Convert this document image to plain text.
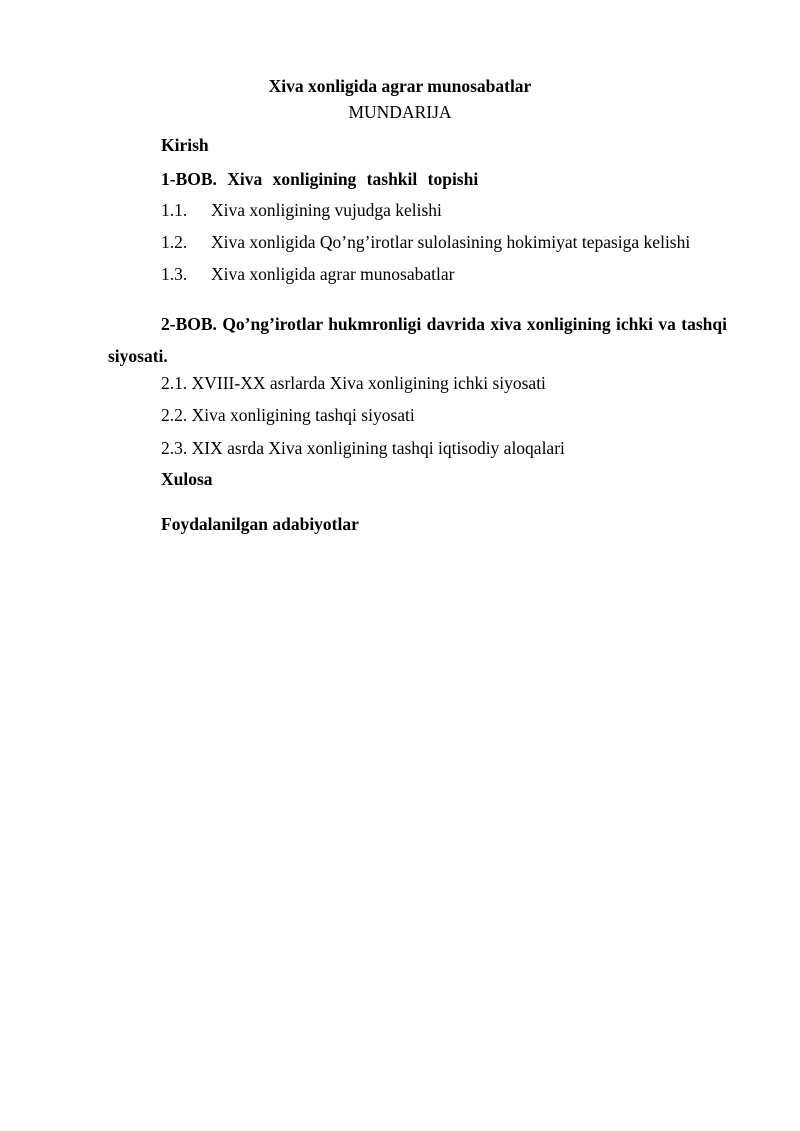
Xiva xonligida agrar munosabatlar
MUNDARIJA
Kirish
1-BOB. Xiva xonligining tashkil topishi
1.1. Xiva xonligining vujudga kelishi
1.2. Xiva xonligida Qo’ng’irotlar sulolasining hokimiyat tepasiga kelishi
1.3. Xiva xonligida agrar munosabatlar
2-BOB. Qo’ng’irotlar hukmronligi davrida xiva xonligining ichki va tashqi siyosati.
2.1. XVIII-XX asrlarda Xiva xonligining ichki siyosati
2.2. Xiva xonligining tashqi siyosati
2.3. XIX asrda Xiva xonligining tashqi iqtisodiy aloqalari
Xulosa
Foydalanilgan adabiyotlar
